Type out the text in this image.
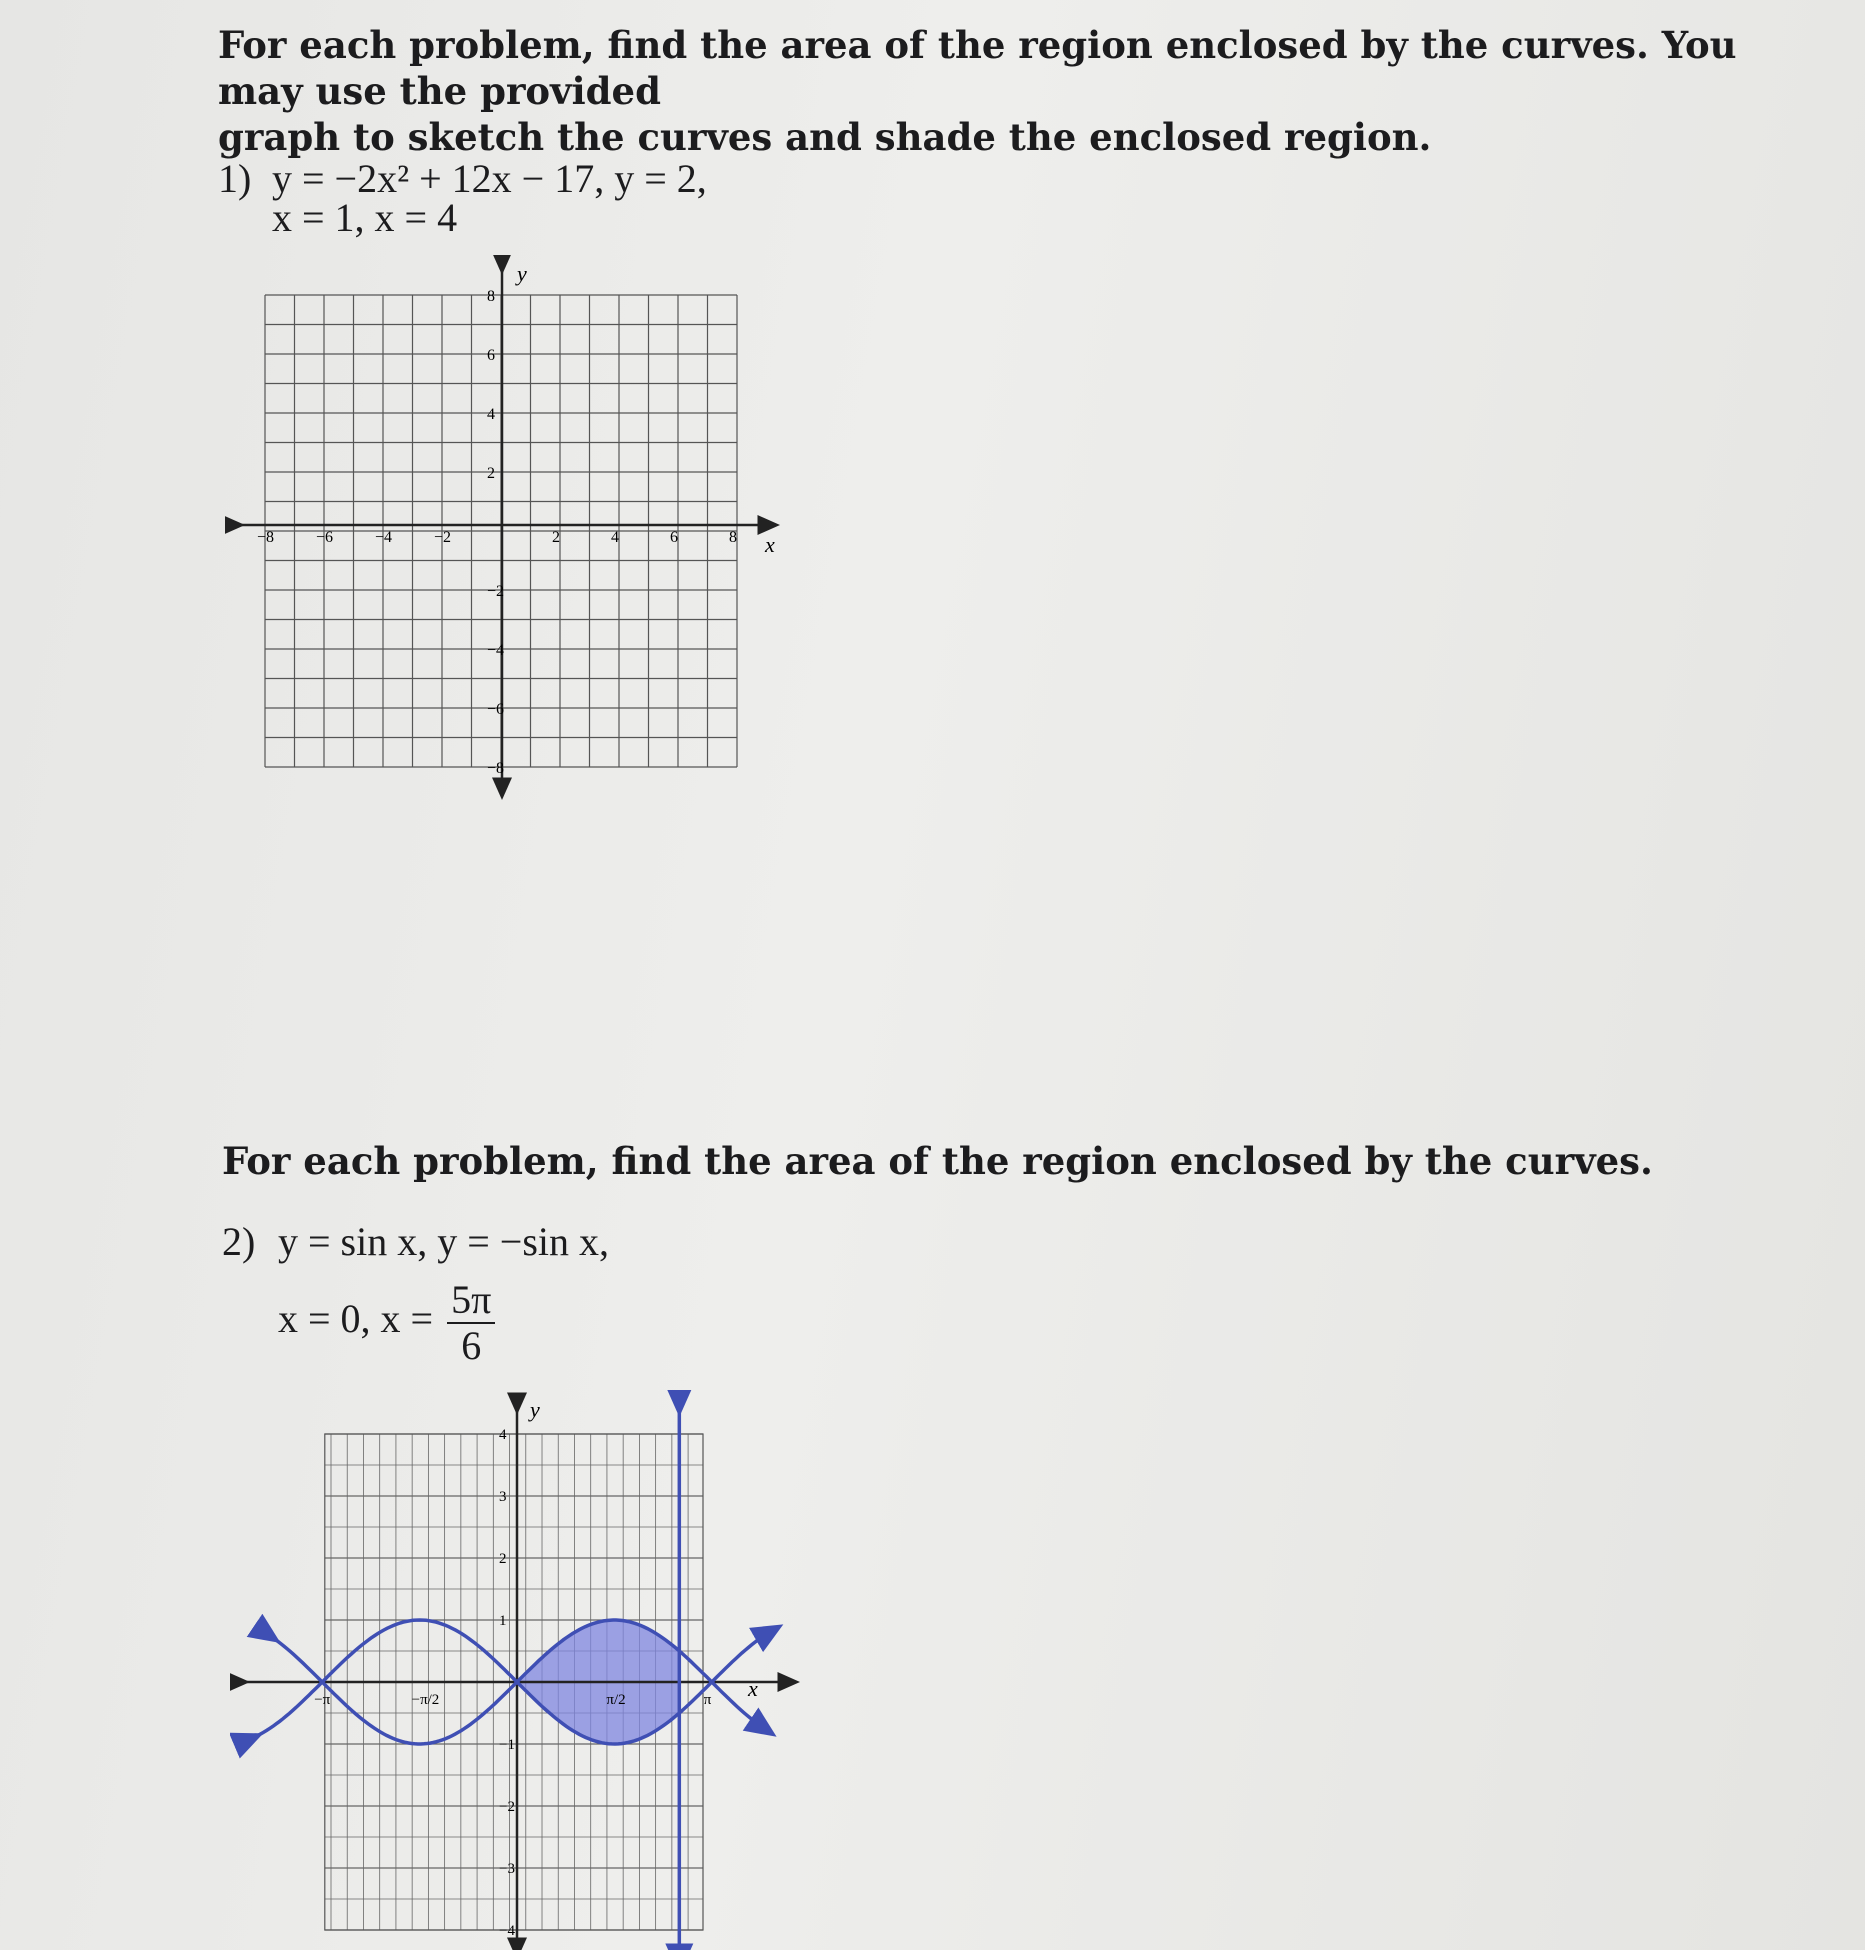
For each problem, find the area of the region enclosed by the curves. You may use the provided
graph to sketch the curves and shade the enclosed region.
1) y = −2x² + 12x − 17, y = 2,
x = 1, x = 4
x
y
−8	−6	−4	−2	2	4	6	8
8
6
4
2
−2
−4
−6
−8
For each problem, find the area of the region enclosed by the curves.
2) y = sin x, y = −sin x,
x = 0, $x = \frac{5\pi}{6}$
x
y
−π	−π/2	π/2	π
4
3
2
1
−1
−2
−3
−4
